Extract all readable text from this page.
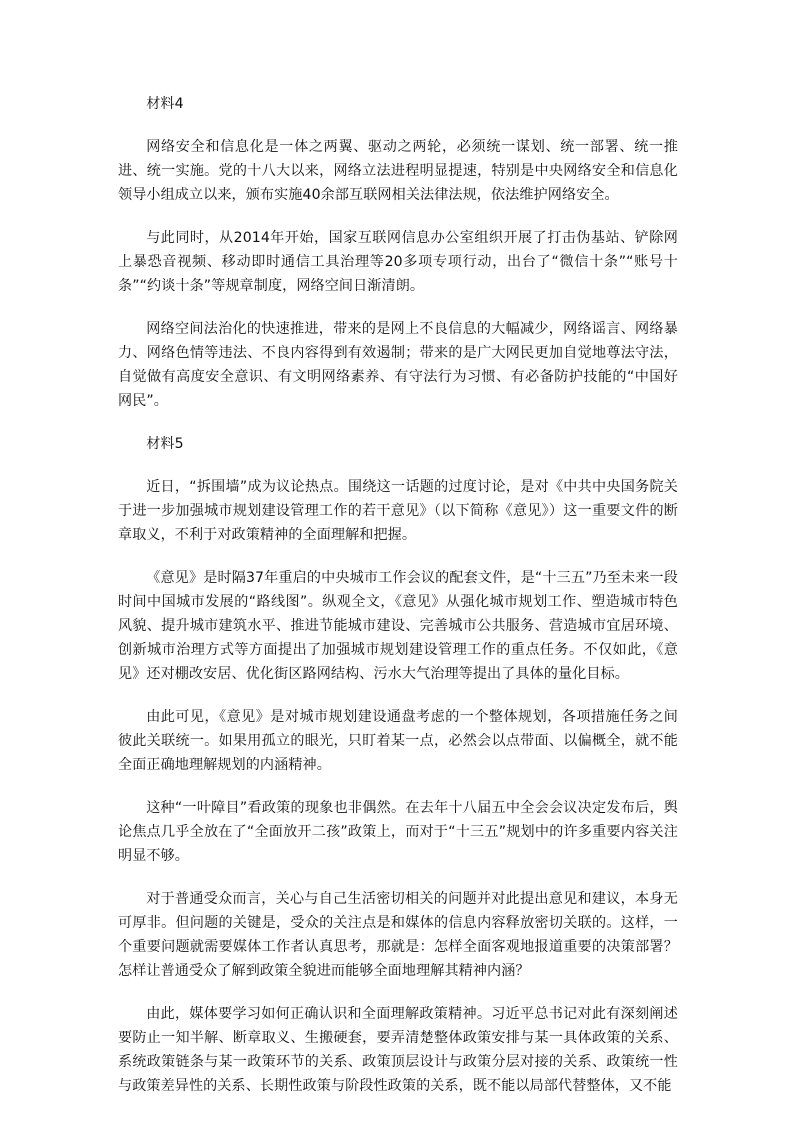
材料4

网络安全和信息化是一体之两翼、驱动之两轮，必须统一谋划、统一部署、统一推进、统一实施。党的十八大以来，网络立法进程明显提速，特别是中央网络安全和信息化领导小组成立以来，颁布实施40余部互联网相关法律法规，依法维护网络安全。

与此同时，从2014年开始，国家互联网信息办公室组织开展了打击伪基站、铲除网上暴恐音视频、移动即时通信工具治理等20多项专项行动，出台了“微信十条”“账号十条”“约谈十条”等规章制度，网络空间日渐清朗。

网络空间法治化的快速推进，带来的是网上不良信息的大幅减少，网络谣言、网络暴力、网络色情等违法、不良内容得到有效遏制；带来的是广大网民更加自觉地尊法守法，自觉做有高度安全意识、有文明网络素养、有守法行为习惯、有必备防护技能的“中国好网民”。

材料5

近日，“拆围墙”成为议论热点。围绕这一话题的过度讨论，是对《中共中央国务院关于进一步加强城市规划建设管理工作的若干意见》（以下简称《意见》）这一重要文件的断章取义，不利于对政策精神的全面理解和把握。

《意见》是时隔37年重启的中央城市工作会议的配套文件，是“十三五”乃至未来一段时间中国城市发展的“路线图”。纵观全文，《意见》从强化城市规划工作、塑造城市特色风貌、提升城市建筑水平、推进节能城市建设、完善城市公共服务、营造城市宜居环境、创新城市治理方式等方面提出了加强城市规划建设管理工作的重点任务。不仅如此，《意见》还对棚改安居、优化街区路网结构、污水大气治理等提出了具体的量化目标。

由此可见，《意见》是对城市规划建设通盘考虑的一个整体规划，各项措施任务之间彼此关联统一。如果用孤立的眼光，只盯着某一点，必然会以点带面、以偏概全，就不能全面正确地理解规划的内涵精神。

这种“一叶障目”看政策的现象也非偶然。在去年十八届五中全会会议决定发布后，舆论焦点几乎全放在了“全面放开二孩”政策上，而对于“十三五”规划中的许多重要内容关注明显不够。

对于普通受众而言，关心与自己生活密切相关的问题并对此提出意见和建议，本身无可厚非。但问题的关键是，受众的关注点是和媒体的信息内容释放密切关联的。这样，一个重要问题就需要媒体工作者认真思考，那就是：怎样全面客观地报道重要的决策部署？怎样让普通受众了解到政策全貌进而能够全面地理解其精神内涵？

由此，媒体要学习如何正确认识和全面理解政策精神。习近平总书记对此有深刻阐述要防止一知半解、断章取义、生搬硬套，要弄清楚整体政策安排与某一具体政策的关系、系统政策链条与某一政策环节的关系、政策顶层设计与政策分层对接的关系、政策统一性与政策差异性的关系、长期性政策与阶段性政策的关系，既不能以局部代替整体，又不能
